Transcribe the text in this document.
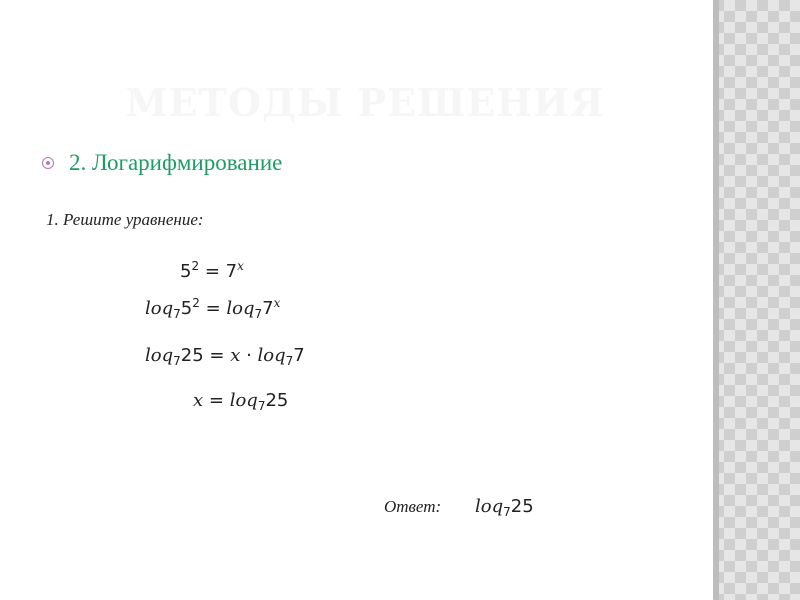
МЕТОДЫ РЕШЕНИЯ
2. Логарифмирование
1. Решите уравнение:
$5^2 = 7^x$
$loq_75^2 = loq_77^x$
loq$_7$25 = x · loq$_7$7
x = loq$_7$25
Ответ: loq$_7$25
